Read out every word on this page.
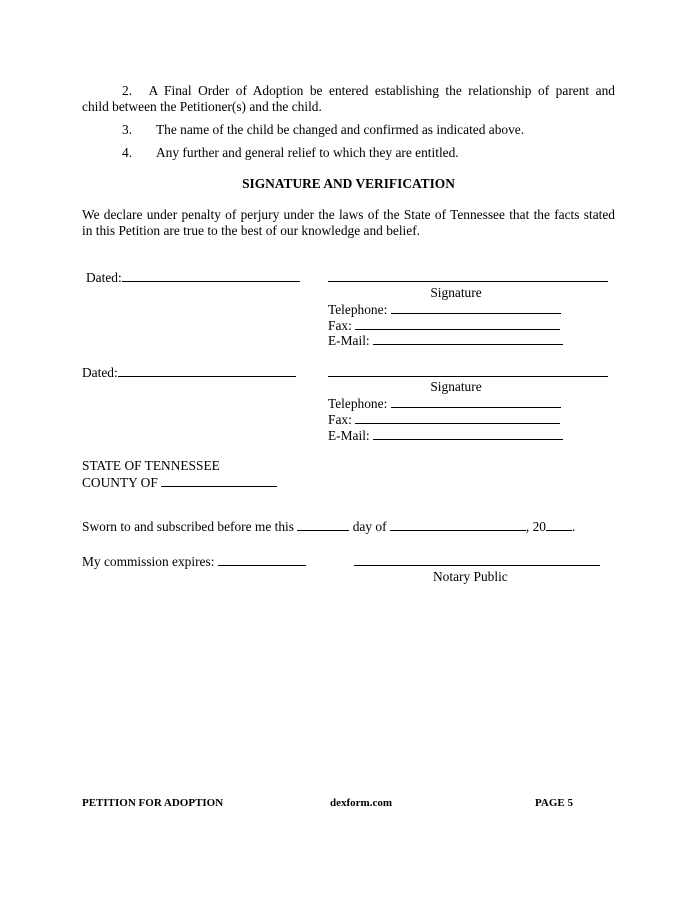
2. A Final Order of Adoption be entered establishing the relationship of parent and
child between the Petitioner(s) and the child.
3. The name of the child be changed and confirmed as indicated above.
4. Any further and general relief to which they are entitled.
SIGNATURE AND VERIFICATION
We declare under penalty of perjury under the laws of the State of Tennessee that the facts stated
in this Petition are true to the best of our knowledge and belief.
Dated:
Signature
Telephone:
Fax:
E-Mail:
Dated:
Signature
Telephone:
Fax:
E-Mail:
STATE OF TENNESSEE
COUNTY OF
Sworn to and subscribed before me this	day of	, 20 .
My commission expires:
Notary Public
PETITION FOR ADOPTION	dexform.com	PAGE 5
